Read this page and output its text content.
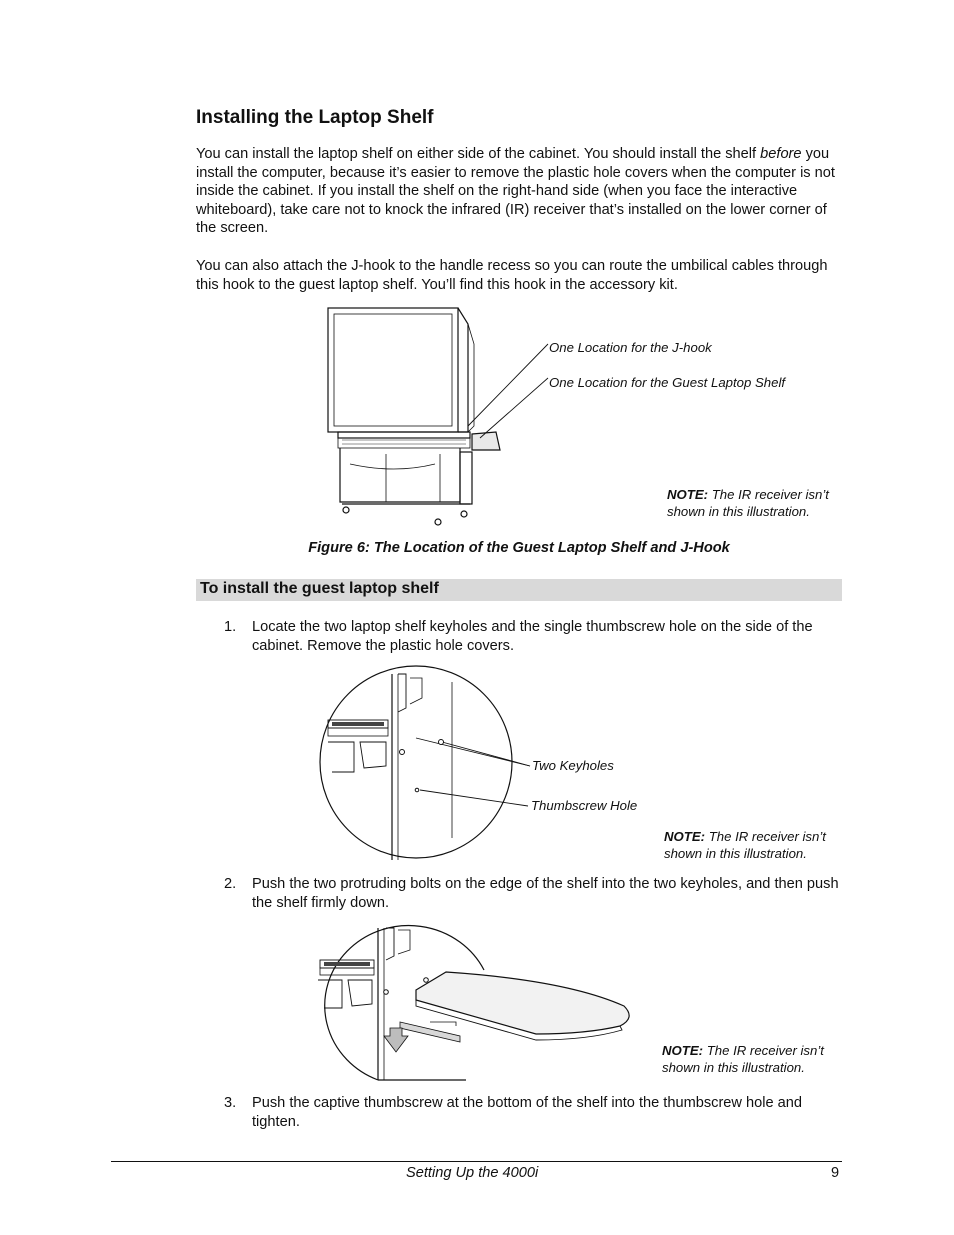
Installing the Laptop Shelf
You can install the laptop shelf on either side of the cabinet. You should install the shelf before you install the computer, because it’s easier to remove the plastic hole covers when the computer is not inside the cabinet. If you install the shelf on the right-hand side (when you face the interactive whiteboard), take care not to knock the infrared (IR) receiver that’s installed on the lower corner of the screen.
You can also attach the J-hook to the handle recess so you can route the umbilical cables through this hook to the guest laptop shelf. You’ll find this hook in the accessory kit.
One Location for the J-hook
One Location for the Guest Laptop Shelf
NOTE: The IR receiver isn’t
shown in this illustration.
Figure 6: The Location of the Guest Laptop Shelf and J-Hook
To install the guest laptop shelf
1. Locate the two laptop shelf keyholes and the single thumbscrew hole on the side of the cabinet. Remove the plastic hole covers.
Two Keyholes
Thumbscrew Hole
NOTE: The IR receiver isn’t
shown in this illustration.
2. Push the two protruding bolts on the edge of the shelf into the two keyholes, and then push the shelf firmly down.
NOTE: The IR receiver isn’t
shown in this illustration.
3. Push the captive thumbscrew at the bottom of the shelf into the thumbscrew hole and tighten.
Setting Up the 4000i	9
